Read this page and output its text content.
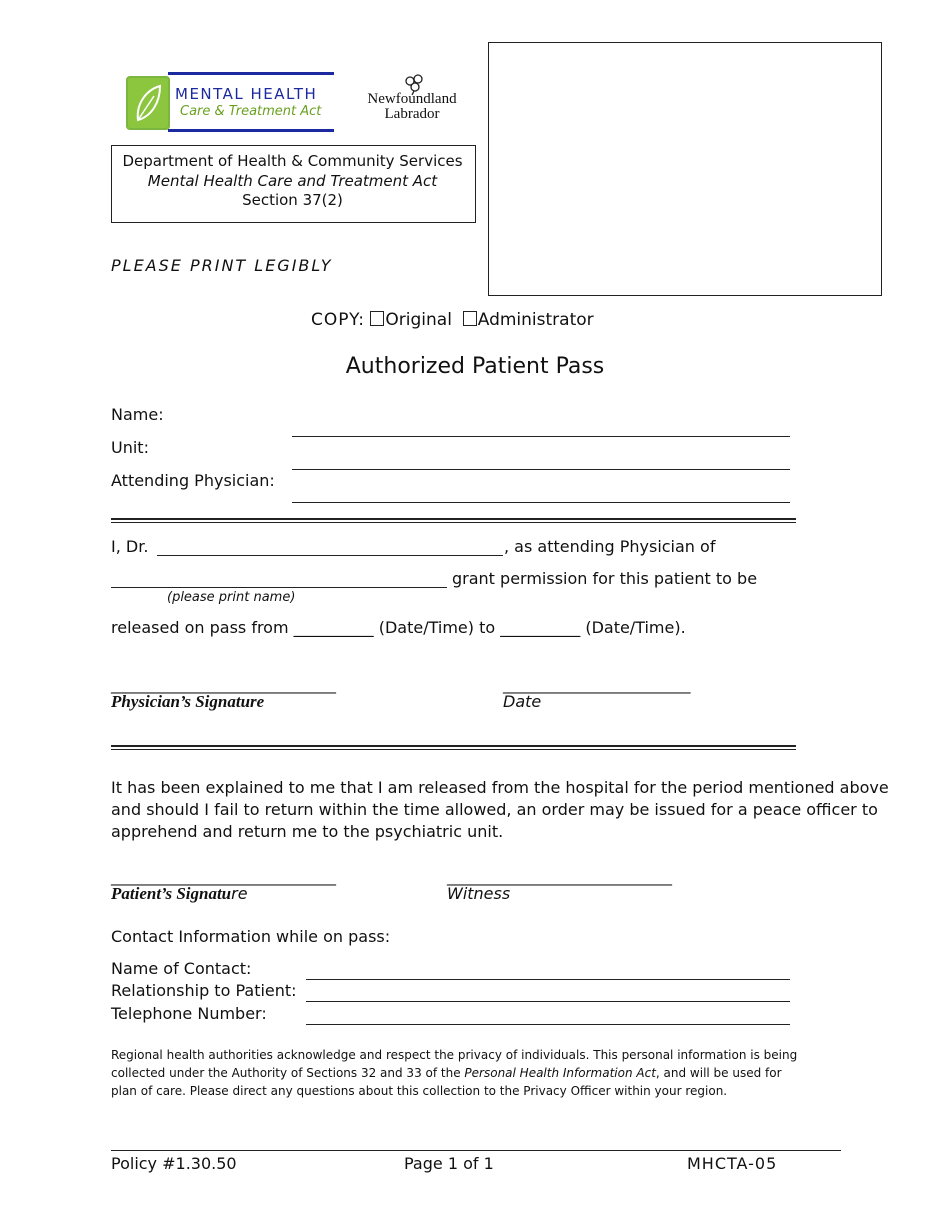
MENTAL HEALTH
Care & Treatment Act
Newfoundland
Labrador
Department of Health & Community Services
Mental Health Care and Treatment Act
Section 37(2)
PLEASE PRINT LEGIBLY
COPY: Original Administrator
Authorized Patient Pass
Name:
Unit:
Attending Physician:
I, Dr.	, as attending Physician of
grant permission for this patient to be
(please print name)
released on pass from __________ (Date/Time) to __________ (Date/Time).
______________________________	_________________________
Physician’s Signature	Date
It has been explained to me that I am released from the hospital for the period mentioned above
and should I fail to return within the time allowed, an order may be issued for a peace officer to
apprehend and return me to the psychiatric unit.
______________________________	______________________________
Patient’s Signature	Witness
Contact Information while on pass:
Name of Contact:
Relationship to Patient:
Telephone Number:
Regional health authorities acknowledge and respect the privacy of individuals. This personal information is being
collected under the Authority of Sections 32 and 33 of the Personal Health Information Act, and will be used for
plan of care. Please direct any questions about this collection to the Privacy Officer within your region.
Policy #1.30.50	Page 1 of 1	MHCTA-05
